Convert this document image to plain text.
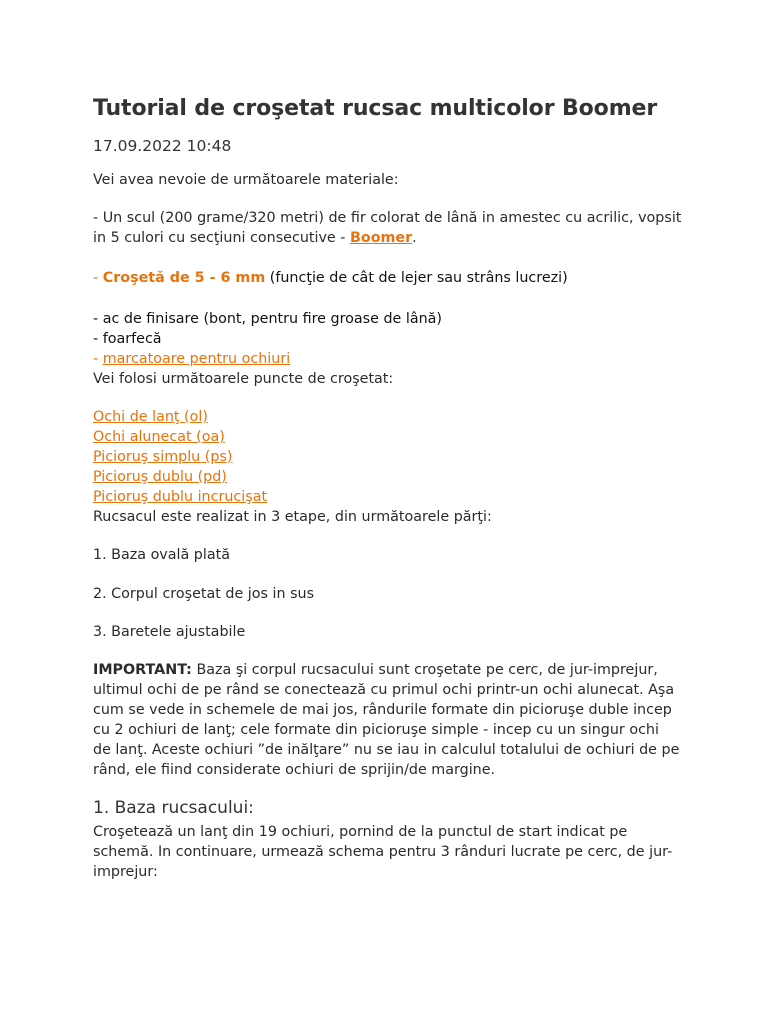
Tutorial de croşetat rucsac multicolor Boomer
17.09.2022 10:48
Vei avea nevoie de următoarele materiale:
- Un scul (200 grame/320 metri) de fir colorat de lână in amestec cu acrilic, vopsit
in 5 culori cu secţiuni consecutive - Boomer.
- Croşetă de 5 - 6 mm (funcţie de cât de lejer sau strâns lucrezi)
- ac de finisare (bont, pentru fire groase de lână)
- foarfecă
- marcatoare pentru ochiuri
Vei folosi următoarele puncte de croşetat:
Ochi de lanţ (ol)
Ochi alunecat (oa)
Picioruş simplu (ps)
Picioruş dublu (pd)
Picioruş dublu incrucişat
Rucsacul este realizat in 3 etape, din următoarele părţi:
1. Baza ovală plată
2. Corpul croşetat de jos in sus
3. Baretele ajustabile
IMPORTANT: Baza şi corpul rucsacului sunt croşetate pe cerc, de jur-imprejur,
ultimul ochi de pe rând se conectează cu primul ochi printr-un ochi alunecat. Aşa
cum se vede in schemele de mai jos, rândurile formate din picioruşe duble incep
cu 2 ochiuri de lanţ; cele formate din picioruşe simple - incep cu un singur ochi
de lanţ. Aceste ochiuri ”de inălţare” nu se iau in calculul totalului de ochiuri de pe
rând, ele fiind considerate ochiuri de sprijin/de margine.
1. Baza rucsacului:
Croşetează un lanţ din 19 ochiuri, pornind de la punctul de start indicat pe
schemă. In continuare, urmează schema pentru 3 rânduri lucrate pe cerc, de jur-
imprejur:
